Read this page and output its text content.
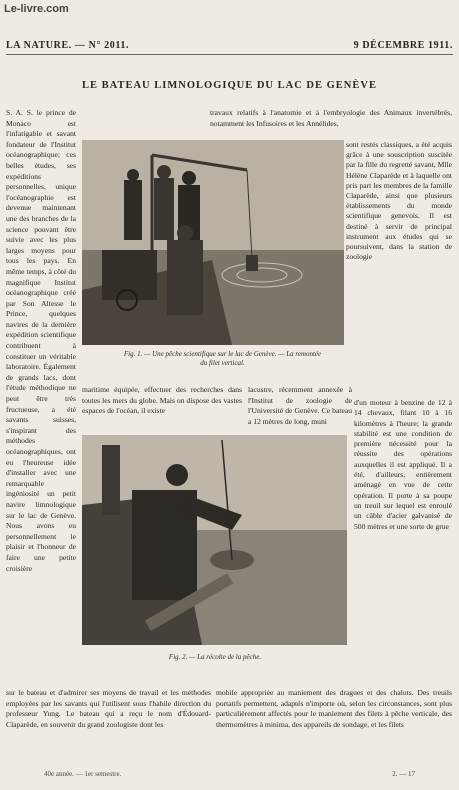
Le-livre.com
LA NATURE. — N° 2011.	9 DÉCEMBRE 1911.
LE BATEAU LIMNOLOGIQUE DU LAC DE GENÈVE

S. A. S. le prince de Monaco est l'infatigable et savant fondateur de l'Institut océanographique; ces belles études, ses expéditions personnelles, unique l'océanographie est devenue maintenant une des branches de la science pouvant être suivie avec les plus larges moyens pour tous les pays. En même temps, à côté du magnifique Institut océanographique créé par Son Altesse le Prince, quelques navires de la dernière expédition scientifique contribuent à constituer un véritable laboratoire. Également de grands lacs, dont l'étude méthodique ne peut être très fructueuse, a été savants suisses, s'inspirant des méthodes océanographiques, ont eu l'heureuse idée d'installer avec une remarquable ingéniosité un petit navire limnologique sur le lac de Genève. Nous avons eu personnellement le plaisir et l'honneur de faire une petite croisière

travaux relatifs à l'anatomie et à l'embryologie des Animaux invertébrés, notamment les Infusoires et les Annélides,

Fig. 1. — Une pêche scientifique sur le lac de Genève. — La remontée du filet vertical.

sont restés classiques, a été acquis grâce à une souscription suscitée par la fille du regretté savant, Mlle Hélène Claparède et à laquelle ont pris part les membres de la famille Claparède, ainsi que plusieurs établissements du monde scientifique genevois. Il est destiné à servir de principal instrument aux études qui se poursuivent, dans la station de zoologie

maritime équipée, effectuer des recherches dans toutes les mers du globe. Mais on dispose des vastes espaces de l'océan, il existe

lacustre, récemment annexée à l'Institut de zoologie de l'Université de Genève. Ce bateau a 12 mètres de long, muni

Fig. 2. — La récolte de la pêche.

d'un moteur à benzine de 12 à 14 chevaux, filant 10 à 16 kilomètres à l'heure; la grande stabilité est une condition de première nécessité pour la réussite des opérations auxquelles il est appliqué. Il a été, d'ailleurs, entièrement aménagé en vue de cette opération. Il porte à sa poupe un treuil sur lequel est enroulé un câble d'acier galvanisé de 500 mètres et une sorte de grue

sur le bateau et d'admirer ses moyens de travail et les méthodes employées par les savants qui l'utilisent sous l'habile direction du professeur Yung. Le bateau qui a reçu le nom d'Édouard-Claparède, en souvenir du grand zoologiste dont les

mobile appropriée au maniement des dragues et des chaluts. Des treuils portatifs permettent, adaptés n'importe où, selon les circonstances, sont plus particulièrement affectés pour le maniement des filets à pêche verticale, des thermomètres à minima, des appareils de sondage, et les filets

40e année. — 1er semestre.	2. — 17
